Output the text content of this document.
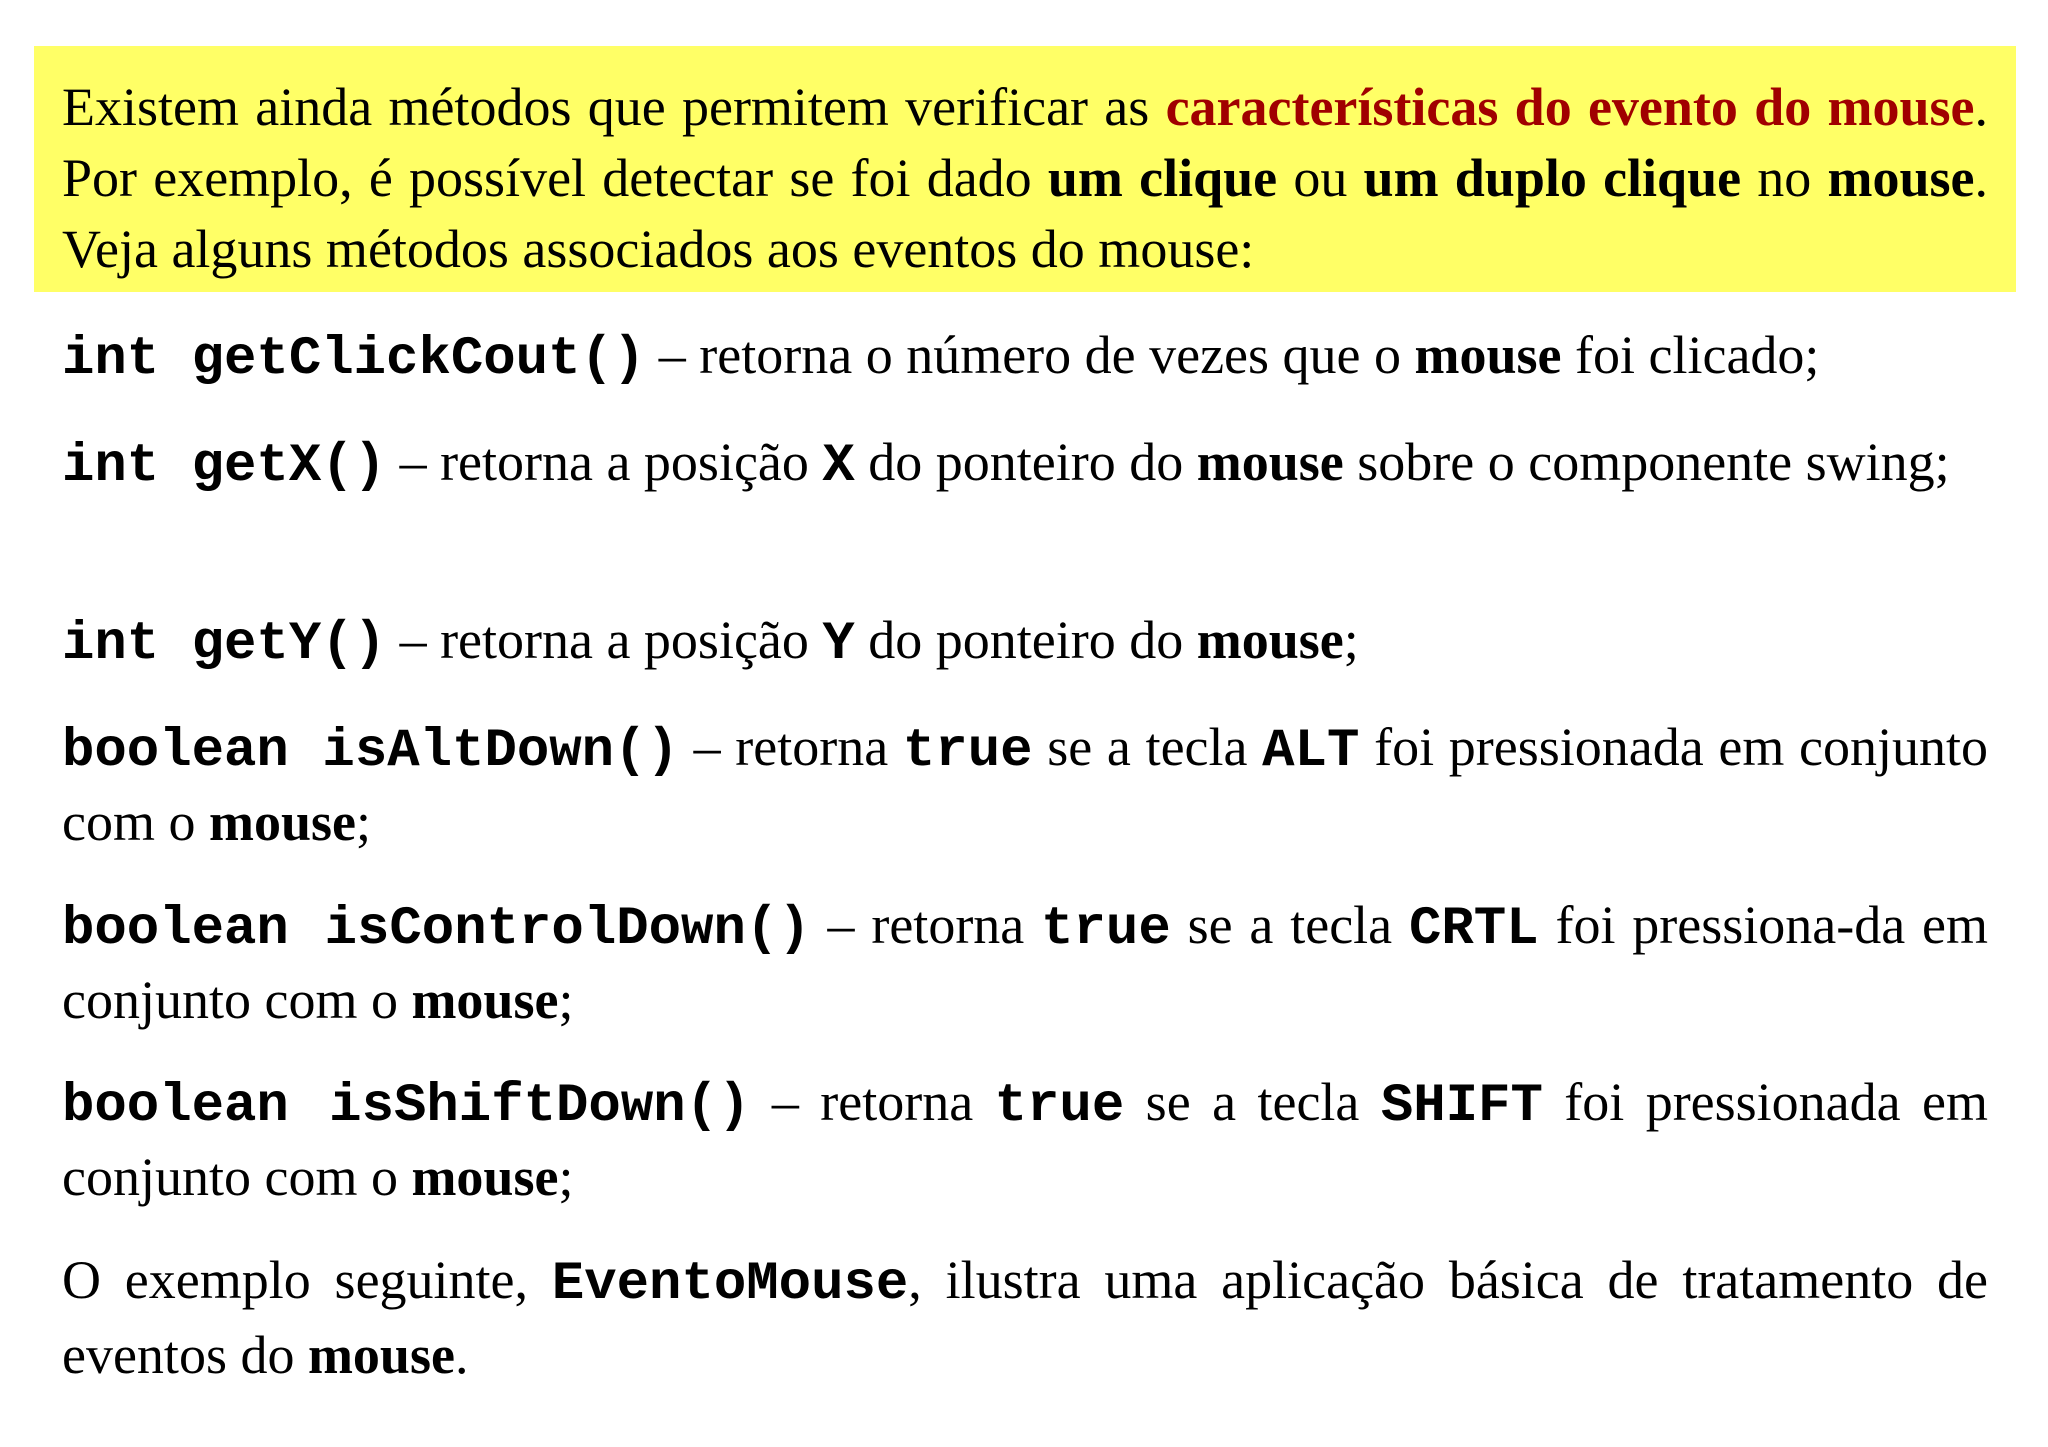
Existem ainda métodos que permitem verificar as características do evento do mouse. Por exemplo, é possível detectar se foi dado um clique ou um duplo clique no mouse. Veja alguns métodos associados aos eventos do mouse:

int getClickCout() – retorna o número de vezes que o mouse foi clicado;

int getX() – retorna a posição X do ponteiro do mouse sobre o componente swing;

int getY() – retorna a posição Y do ponteiro do mouse;

boolean isAltDown() – retorna true se a tecla ALT foi pressionada em conjunto com o mouse;

boolean isControlDown() – retorna true se a tecla CRTL foi pressiona-da em conjunto com o mouse;

boolean isShiftDown() – retorna true se a tecla SHIFT foi pressionada em conjunto com o mouse;

O exemplo seguinte, EventoMouse, ilustra uma aplicação básica de tratamento de eventos do mouse.
